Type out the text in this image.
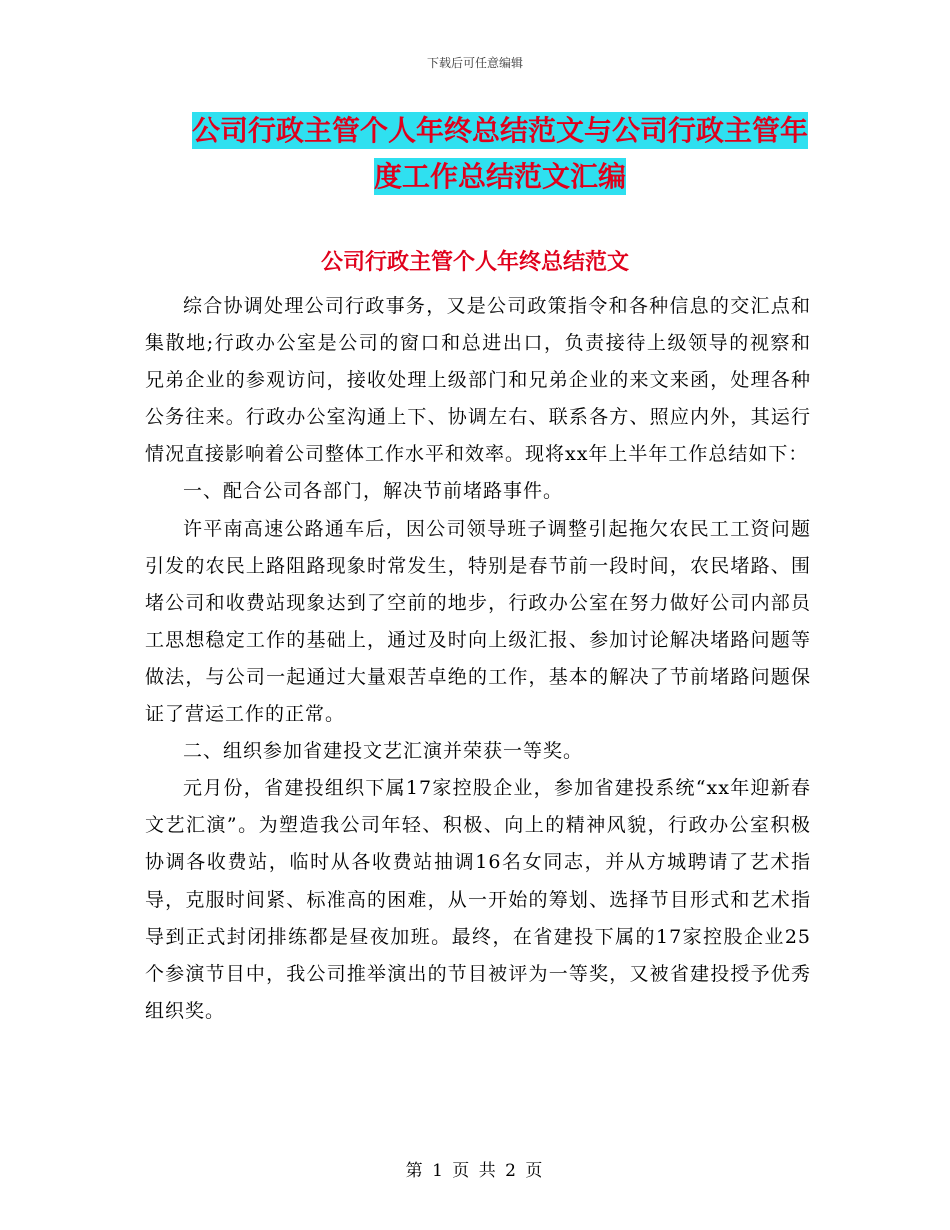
下载后可任意编辑
公司行政主管个人年终总结范文与公司行政主管年度工作总结范文汇编
公司行政主管个人年终总结范文

综合协调处理公司行政事务，又是公司政策指令和各种信息的交汇点和集散地;行政办公室是公司的窗口和总进出口，负责接待上级领导的视察和兄弟企业的参观访问，接收处理上级部门和兄弟企业的来文来函，处理各种公务往来。行政办公室沟通上下、协调左右、联系各方、照应内外，其运行情况直接影响着公司整体工作水平和效率。现将xx年上半年工作总结如下：

一、配合公司各部门，解决节前堵路事件。

许平南高速公路通车后，因公司领导班子调整引起拖欠农民工工资问题引发的农民上路阻路现象时常发生，特别是春节前一段时间，农民堵路、围堵公司和收费站现象达到了空前的地步，行政办公室在努力做好公司内部员工思想稳定工作的基础上，通过及时向上级汇报、参加讨论解决堵路问题等做法，与公司一起通过大量艰苦卓绝的工作，基本的解决了节前堵路问题保证了营运工作的正常。

二、组织参加省建投文艺汇演并荣获一等奖。

元月份，省建投组织下属17家控股企业，参加省建投系统“xx年迎新春文艺汇演”。为塑造我公司年轻、积极、向上的精神风貌，行政办公室积极协调各收费站，临时从各收费站抽调16名女同志，并从方城聘请了艺术指导，克服时间紧、标准高的困难，从一开始的筹划、选择节目形式和艺术指导到正式封闭排练都是昼夜加班。最终，在省建投下属的17家控股企业25个参演节目中，我公司推举演出的节目被评为一等奖，又被省建投授予优秀组织奖。

第 1 页 共 2 页
